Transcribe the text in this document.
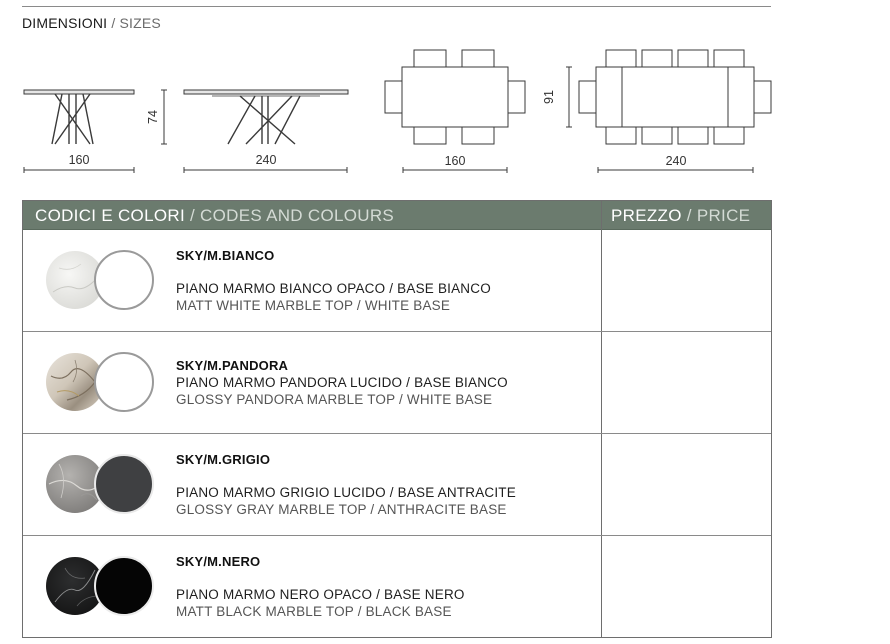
DIMENSIONI / SIZES
160	240	160	240
74
91
CODICI E COLORI / CODES AND COLOURS	PREZZO / PRICE
SKY/M.BIANCO
PIANO MARMO BIANCO OPACO / BASE BIANCO
MATT WHITE MARBLE TOP / WHITE BASE
SKY/M.PANDORA
PIANO MARMO PANDORA LUCIDO / BASE BIANCO
GLOSSY PANDORA MARBLE TOP / WHITE BASE
SKY/M.GRIGIO
PIANO MARMO GRIGIO LUCIDO / BASE ANTRACITE
GLOSSY GRAY MARBLE TOP / ANTHRACITE BASE
SKY/M.NERO
PIANO MARMO NERO OPACO / BASE NERO
MATT BLACK MARBLE TOP / BLACK BASE
